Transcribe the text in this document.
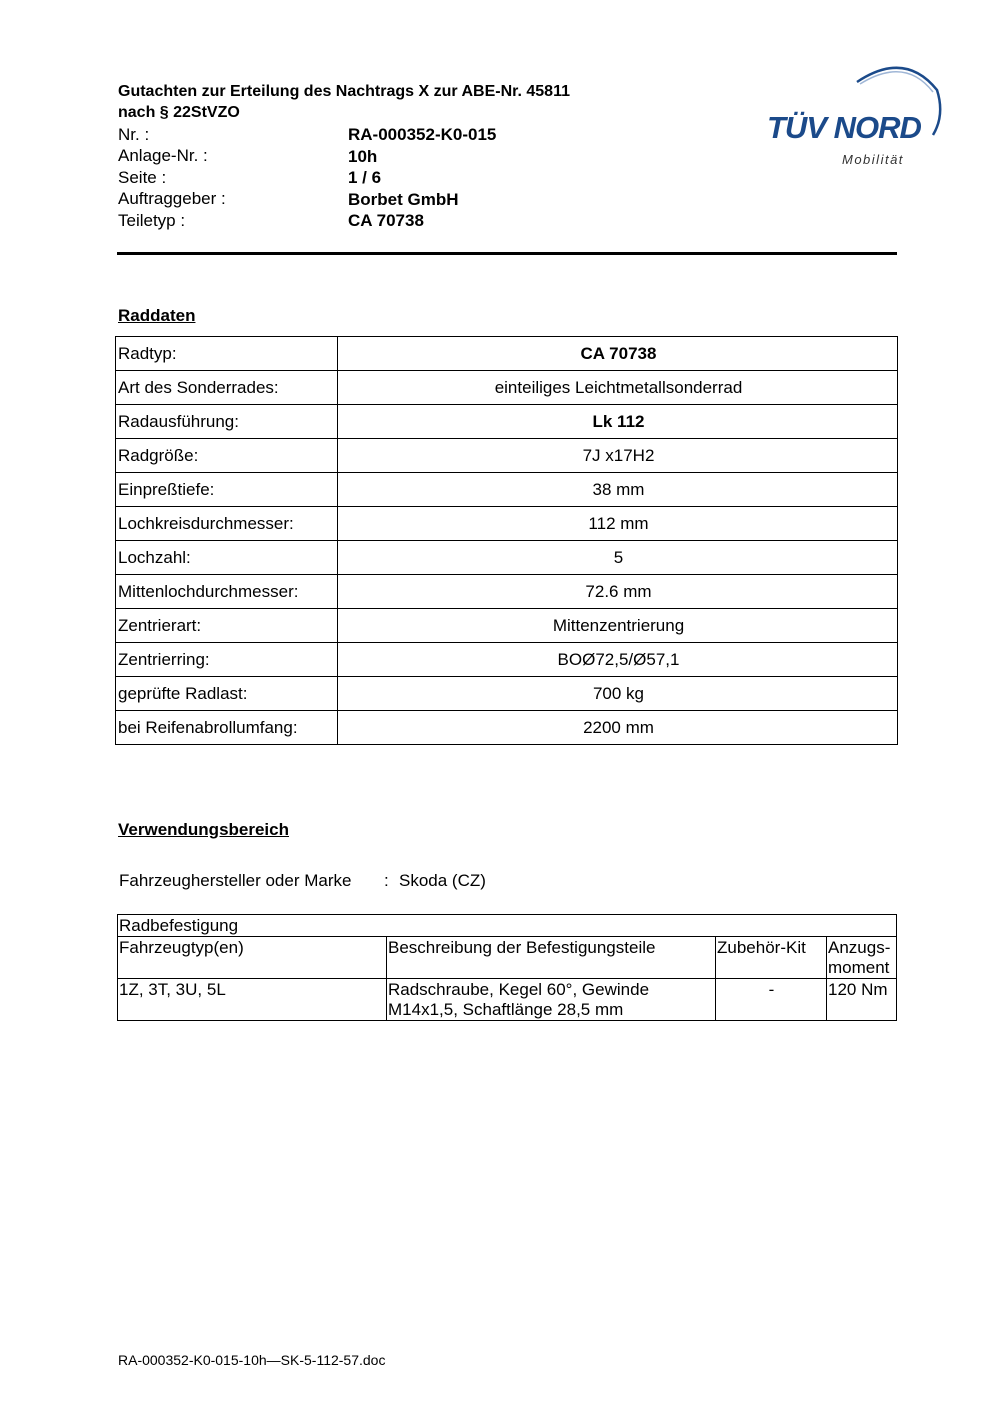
Gutachten zur Erteilung des Nachtrags X zur ABE-Nr. 45811 nach § 22StVZO
Nr. :	RA-000352-K0-015
Anlage-Nr. :	10h
Seite :	1 / 6
Auftraggeber :	Borbet GmbH
Teiletyp :	CA 70738
TÜV NORD
Mobilität
Raddaten
Radtyp:	CA 70738
Art des Sonderrades:	einteiliges Leichtmetallsonderrad
Radausführung:	Lk 112
Radgröße:	7J x17H2
Einpreßtiefe:	38 mm
Lochkreisdurchmesser:	112 mm
Lochzahl:	5
Mittenlochdurchmesser:	72.6 mm
Zentrierart:	Mittenzentrierung
Zentrierring:	BOØ72,5/Ø57,1
geprüfte Radlast:	700 kg
bei Reifenabrollumfang:	2200 mm
Verwendungsbereich
Fahrzeughersteller oder Marke : Skoda (CZ)
Radbefestigung			
Fahrzeugtyp(en)	Beschreibung der Befestigungsteile	Zubehör-Kit	Anzugs-moment
1Z, 3T, 3U, 5L	Radschraube, Kegel 60°, Gewinde M14x1,5, Schaftlänge 28,5 mm	-	120 Nm
RA-000352-K0-015-10h—SK-5-112-57.doc
